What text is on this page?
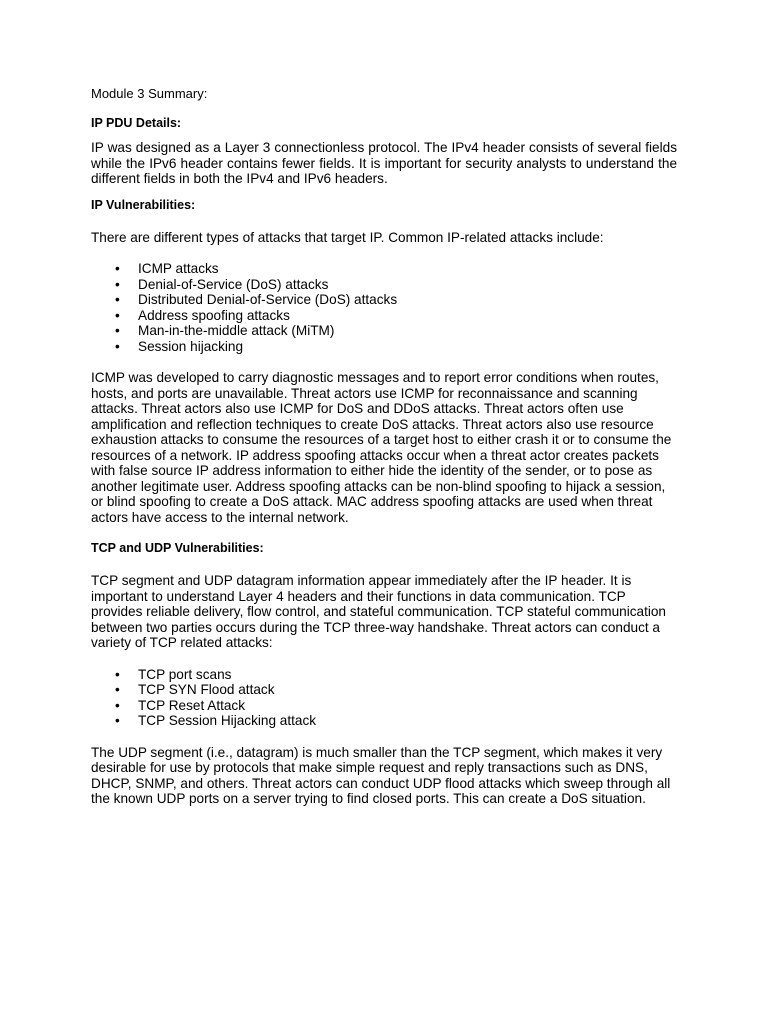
Module 3 Summary:

IP PDU Details:

IP was designed as a Layer 3 connectionless protocol. The IPv4 header consists of several fields while the IPv6 header contains fewer fields. It is important for security analysts to understand the different fields in both the IPv4 and IPv6 headers.

IP Vulnerabilities:

There are different types of attacks that target IP. Common IP-related attacks include:

• ICMP attacks
• Denial-of-Service (DoS) attacks
• Distributed Denial-of-Service (DoS) attacks
• Address spoofing attacks
• Man-in-the-middle attack (MiTM)
• Session hijacking

ICMP was developed to carry diagnostic messages and to report error conditions when routes, hosts, and ports are unavailable. Threat actors use ICMP for reconnaissance and scanning attacks. Threat actors also use ICMP for DoS and DDoS attacks. Threat actors often use amplification and reflection techniques to create DoS attacks. Threat actors also use resource exhaustion attacks to consume the resources of a target host to either crash it or to consume the resources of a network. IP address spoofing attacks occur when a threat actor creates packets with false source IP address information to either hide the identity of the sender, or to pose as another legitimate user. Address spoofing attacks can be non-blind spoofing to hijack a session, or blind spoofing to create a DoS attack. MAC address spoofing attacks are used when threat actors have access to the internal network.

TCP and UDP Vulnerabilities:

TCP segment and UDP datagram information appear immediately after the IP header. It is important to understand Layer 4 headers and their functions in data communication. TCP provides reliable delivery, flow control, and stateful communication. TCP stateful communication between two parties occurs during the TCP three-way handshake. Threat actors can conduct a variety of TCP related attacks:

• TCP port scans
• TCP SYN Flood attack
• TCP Reset Attack
• TCP Session Hijacking attack

The UDP segment (i.e., datagram) is much smaller than the TCP segment, which makes it very desirable for use by protocols that make simple request and reply transactions such as DNS, DHCP, SNMP, and others. Threat actors can conduct UDP flood attacks which sweep through all the known UDP ports on a server trying to find closed ports. This can create a DoS situation.
